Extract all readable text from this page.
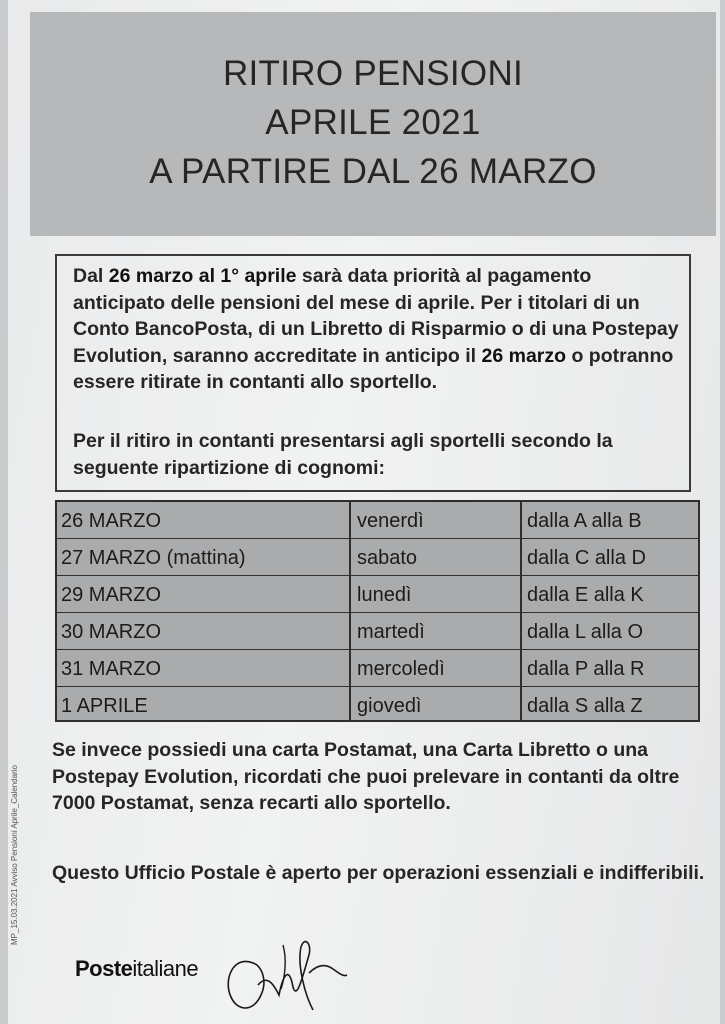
RITIRO PENSIONI
APRILE 2021
A PARTIRE DAL 26 MARZO
Dal 26 marzo al 1° aprile sarà data priorità al pagamento anticipato delle pensioni del mese di aprile. Per i titolari di un Conto BancoPosta, di un Libretto di Risparmio o di una Postepay Evolution, saranno accreditate in anticipo il 26 marzo o potranno essere ritirate in contanti allo sportello.
Per il ritiro in contanti presentarsi agli sportelli secondo la seguente ripartizione di cognomi:
26 MARZO	venerdì	dalla A alla B
27 MARZO (mattina)	sabato	dalla C alla D
29 MARZO	lunedì	dalla E alla K
30 MARZO	martedì	dalla L alla O
31 MARZO	mercoledì	dalla P alla R
1 APRILE	giovedì	dalla S alla Z
Se invece possiedi una carta Postamat, una Carta Libretto o una Postepay Evolution, ricordati che puoi prelevare in contanti da oltre 7000 Postamat, senza recarti allo sportello.
Questo Ufficio Postale è aperto per operazioni essenziali e indifferibili.
Posteitaliane
MP_15.03.2021 Avviso Pensioni Aprile_Calendario
